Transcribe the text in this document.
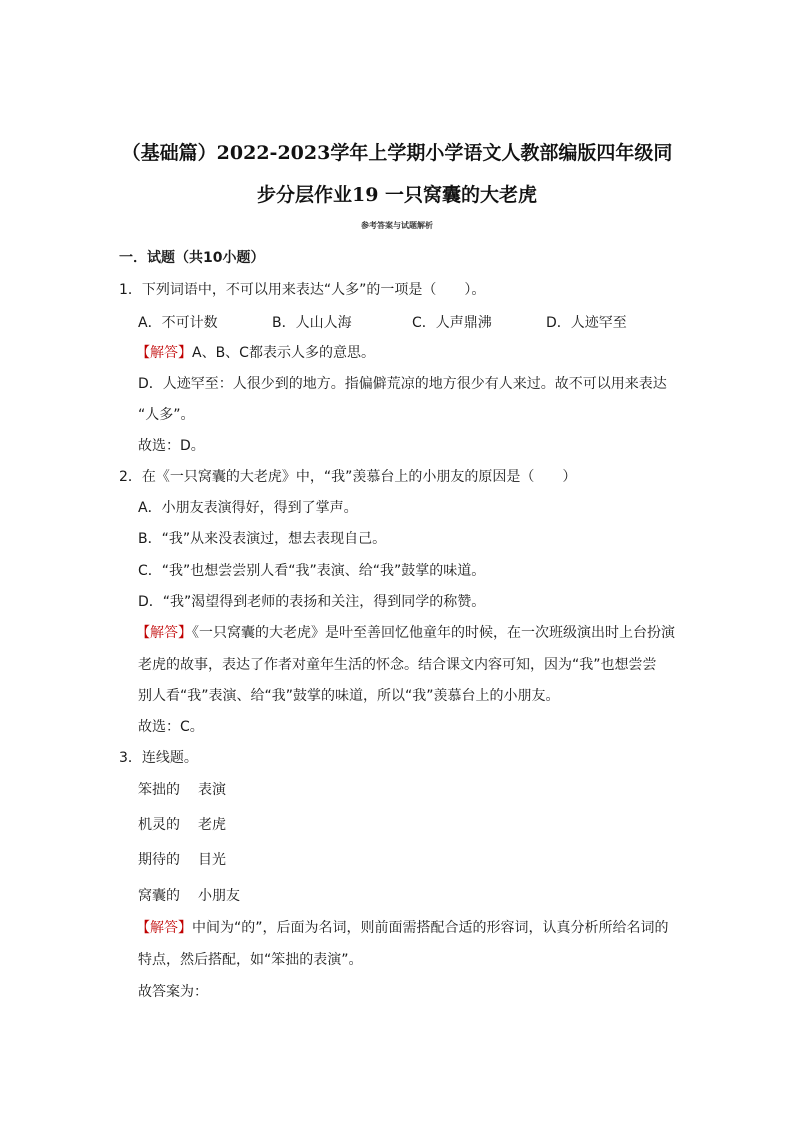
（基础篇）2022-2023学年上学期小学语文人教部编版四年级同
步分层作业19 一只窝囊的大老虎
参考答案与试题解析
一．试题（共10小题）
1．下列词语中，不可以用来表达“人多”的一项是（　　）。
A．不可计数	B．人山人海	C．人声鼎沸	D．人迹罕至
【解答】A、B、C都表示人多的意思。
D．人迹罕至：人很少到的地方。指偏僻荒凉的地方很少有人来过。故不可以用来表达
“人多”。
故选：D。
2．在《一只窝囊的大老虎》中，“我”羡慕台上的小朋友的原因是（　　）
A．小朋友表演得好，得到了掌声。
B．“我”从来没表演过，想去表现自己。
C．“我”也想尝尝别人看“我”表演、给“我”鼓掌的味道。
D．“我”渴望得到老师的表扬和关注，得到同学的称赞。
【解答】《一只窝囊的大老虎》是叶至善回忆他童年的时候，在一次班级演出时上台扮演
老虎的故事，表达了作者对童年生活的怀念。结合课文内容可知，因为“我”也想尝尝
别人看“我”表演、给“我”鼓掌的味道，所以“我”羡慕台上的小朋友。
故选：C。
3．连线题。
笨拙的 表演
机灵的 老虎
期待的 目光
窝囊的 小朋友
【解答】中间为“的”，后面为名词，则前面需搭配合适的形容词，认真分析所给名词的
特点，然后搭配，如“笨拙的表演”。
故答案为：
